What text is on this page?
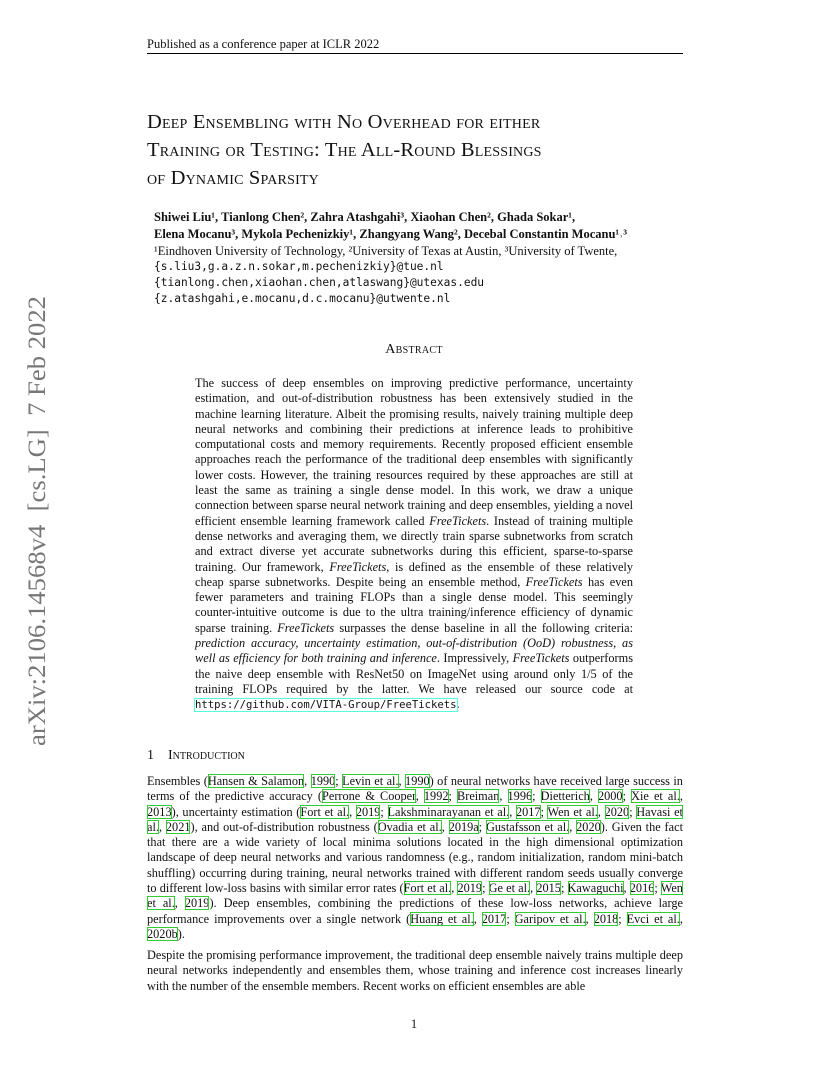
Published as a conference paper at ICLR 2022
Deep Ensembling with No Overhead for either
Training or Testing: The All-Round Blessings
of Dynamic Sparsity
Shiwei Liu¹, Tianlong Chen², Zahra Atashgahi³, Xiaohan Chen², Ghada Sokar¹,
Elena Mocanu³, Mykola Pechenizkiy¹, Zhangyang Wang², Decebal Constantin Mocanu¹˒³
¹Eindhoven University of Technology, ²University of Texas at Austin, ³University of Twente,
{s.liu3,g.a.z.n.sokar,m.pechenizkiy}@tue.nl
{tianlong.chen,xiaohan.chen,atlaswang}@utexas.edu
{z.atashgahi,e.mocanu,d.c.mocanu}@utwente.nl
arXiv:2106.14568v4  [cs.LG]  7 Feb 2022	Abstract
The success of deep ensembles on improving predictive performance, uncertainty estimation, and out-of-distribution robustness has been extensively studied in the machine learning literature. Albeit the promising results, naively training multiple deep neural networks and combining their predictions at inference leads to prohibitive computational costs and memory requirements. Recently proposed efficient ensemble approaches reach the performance of the traditional deep ensembles with significantly lower costs. However, the training resources required by these approaches are still at least the same as training a single dense model. In this work, we draw a unique connection between sparse neural network training and deep ensembles, yielding a novel efficient ensemble learning framework called FreeTickets. Instead of training multiple dense networks and averaging them, we directly train sparse subnetworks from scratch and extract diverse yet accurate subnetworks during this efficient, sparse-to-sparse training. Our framework, FreeTickets, is defined as the ensemble of these relatively cheap sparse subnetworks. Despite being an ensemble method, FreeTickets has even fewer parameters and training FLOPs than a single dense model. This seemingly counter-intuitive outcome is due to the ultra training/inference efficiency of dynamic sparse training. FreeTickets surpasses the dense baseline in all the following criteria: prediction accuracy, uncertainty estimation, out-of-distribution (OoD) robustness, as well as efficiency for both training and inference. Impressively, FreeTickets outperforms the naive deep ensemble with ResNet50 on ImageNet using around only 1/5 of the training FLOPs required by the latter. We have released our source code at https://github.com/VITA-Group/FreeTickets.
1 Introduction
Ensembles (Hansen & Salamon, 1990; Levin et al., 1990) of neural networks have received large success in terms of the predictive accuracy (Perrone & Cooper, 1992; Breiman, 1996; Dietterich, 2000; Xie et al., 2013), uncertainty estimation (Fort et al., 2019; Lakshminarayanan et al., 2017; Wen et al., 2020; Havasi et al., 2021), and out-of-distribution robustness (Ovadia et al., 2019a; Gustafsson et al., 2020). Given the fact that there are a wide variety of local minima solutions located in the high dimensional optimization landscape of deep neural networks and various randomness (e.g., random initialization, random mini-batch shuffling) occurring during training, neural networks trained with different random seeds usually converge to different low-loss basins with similar error rates (Fort et al., 2019; Ge et al., 2015; Kawaguchi, 2016; Wen et al., 2019). Deep ensembles, combining the predictions of these low-loss networks, achieve large performance improvements over a single network (Huang et al., 2017; Garipov et al., 2018; Evci et al., 2020b).
Despite the promising performance improvement, the traditional deep ensemble naively trains multiple deep neural networks independently and ensembles them, whose training and inference cost increases linearly with the number of the ensemble members. Recent works on efficient ensembles are able
1
